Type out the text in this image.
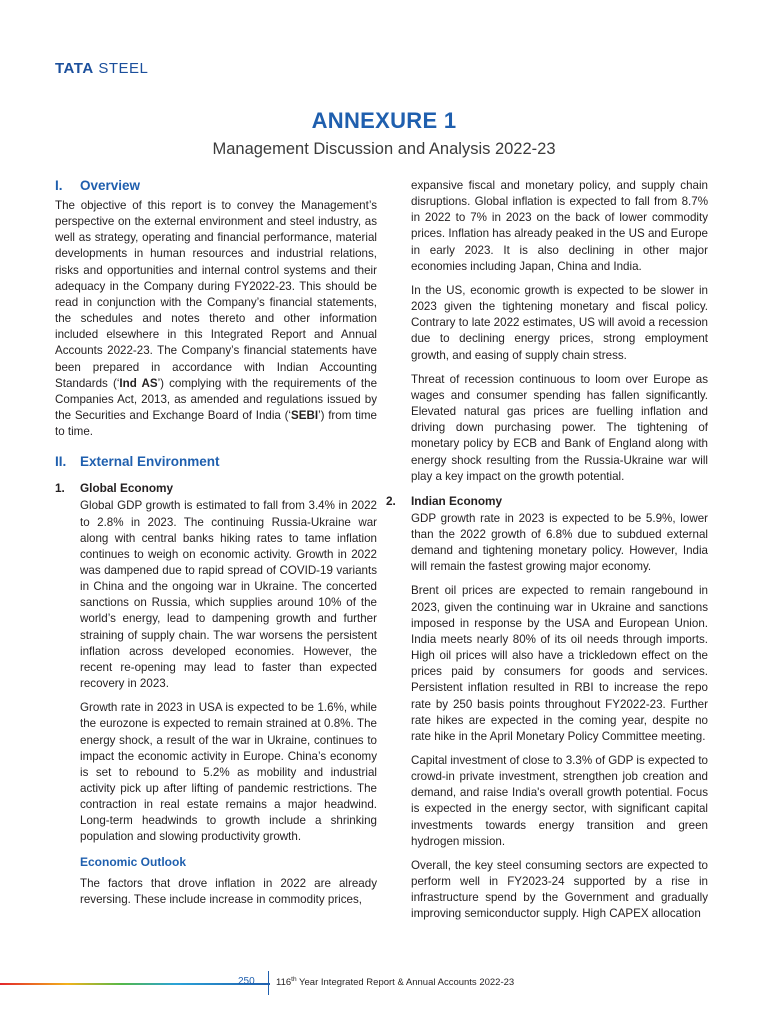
TATA STEEL
ANNEXURE 1
Management Discussion and Analysis 2022-23
I.	Overview

The objective of this report is to convey the Management’s perspective on the external environment and steel industry, as well as strategy, operating and financial performance, material developments in human resources and industrial relations, risks and opportunities and internal control systems and their adequacy in the Company during FY2022-23. This should be read in conjunction with the Company’s financial statements, the schedules and notes thereto and other information included elsewhere in this Integrated Report and Annual Accounts 2022-23. The Company’s financial statements have been prepared in accordance with Indian Accounting Standards (‘Ind AS’) complying with the requirements of the Companies Act, 2013, as amended and regulations issued by the Securities and Exchange Board of India (‘SEBI’) from time to time.

II.	External Environment
1.	Global Economy

Global GDP growth is estimated to fall from 3.4% in 2022 to 2.8% in 2023. The continuing Russia-Ukraine war along with central banks hiking rates to tame inflation continues to weigh on economic activity. Growth in 2022 was dampened due to rapid spread of COVID-19 variants in China and the ongoing war in Ukraine. The concerted sanctions on Russia, which supplies around 10% of the world’s energy, lead to dampening growth and further straining of supply chain. The war worsens the persistent inflation across developed economies. However, the recent re-opening may lead to faster than expected recovery in 2023.

Growth rate in 2023 in USA is expected to be 1.6%, while the eurozone is expected to remain strained at 0.8%. The energy shock, a result of the war in Ukraine, continues to impact the economic activity in Europe. China’s economy is set to rebound to 5.2% as mobility and industrial activity pick up after lifting of pandemic restrictions. The contraction in real estate remains a major headwind. Long-term headwinds to growth include a shrinking population and slowing productivity growth.

Economic Outlook

The factors that drove inflation in 2022 are already reversing. These include increase in commodity prices,

expansive fiscal and monetary policy, and supply chain disruptions. Global inflation is expected to fall from 8.7% in 2022 to 7% in 2023 on the back of lower commodity prices. Inflation has already peaked in the US and Europe in early 2023. It is also declining in other major economies including Japan, China and India.

In the US, economic growth is expected to be slower in 2023 given the tightening monetary and fiscal policy. Contrary to late 2022 estimates, US will avoid a recession due to declining energy prices, strong employment growth, and easing of supply chain stress.

Threat of recession continuous to loom over Europe as wages and consumer spending has fallen significantly. Elevated natural gas prices are fuelling inflation and driving down purchasing power. The tightening of monetary policy by ECB and Bank of England along with energy shock resulting from the Russia-Ukraine war will play a key impact on the growth potential.

2.	Indian Economy

GDP growth rate in 2023 is expected to be 5.9%, lower than the 2022 growth of 6.8% due to subdued external demand and tightening monetary policy. However, India will remain the fastest growing major economy.

Brent oil prices are expected to remain rangebound in 2023, given the continuing war in Ukraine and sanctions imposed in response by the USA and European Union. India meets nearly 80% of its oil needs through imports. High oil prices will also have a trickledown effect on the prices paid by consumers for goods and services. Persistent inflation resulted in RBI to increase the repo rate by 250 basis points throughout FY2022-23. Further rate hikes are expected in the coming year, despite no rate hike in the April Monetary Policy Committee meeting.

Capital investment of close to 3.3% of GDP is expected to crowd-in private investment, strengthen job creation and demand, and raise India's overall growth potential. Focus is expected in the energy sector, with significant capital investments towards energy transition and green hydrogen mission.

Overall, the key steel consuming sectors are expected to perform well in FY2023-24 supported by a rise in infrastructure spend by the Government and gradually improving semiconductor supply. High CAPEX allocation

250 116th Year Integrated Report & Annual Accounts 2022-23
